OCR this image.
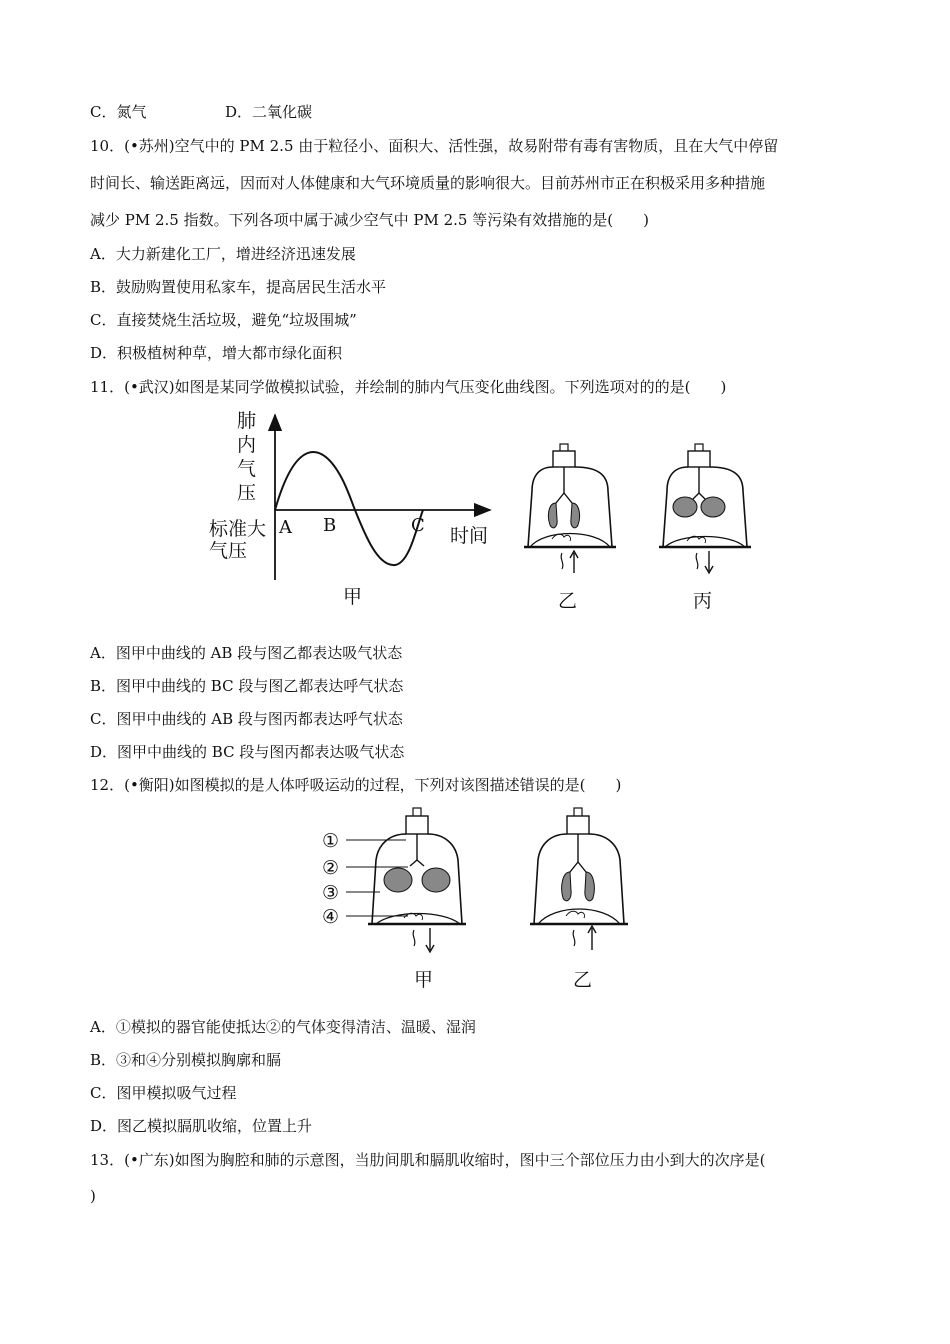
C．氮气	D．二氧化碳
10．(•苏州)空气中的 PM 2.5 由于粒径小、面积大、活性强，故易附带有毒有害物质，且在大气中停留
时间长、输送距离远，因而对人体健康和大气环境质量的影响很大。目前苏州市正在积极采用多种措施
减少 PM 2.5 指数。下列各项中属于减少空气中 PM 2.5 等污染有效措施的是(　　)
A．大力新建化工厂，增进经济迅速发展
B．鼓励购置使用私家车，提高居民生活水平
C．直接焚烧生活垃圾，避免“垃圾围城”
D．积极植树种草，增大都市绿化面积
11．(•武汉)如图是某同学做模拟试验，并绘制的肺内气压变化曲线图。下列选项对的的是(　　)
肺
内
气
压
标准大
气压
A B	C 时间
甲	乙	丙
A．图甲中曲线的 AB 段与图乙都表达吸气状态
B．图甲中曲线的 BC 段与图乙都表达呼气状态
C．图甲中曲线的 AB 段与图丙都表达呼气状态
D．图甲中曲线的 BC 段与图丙都表达吸气状态
12．(•衡阳)如图模拟的是人体呼吸运动的过程，下列对该图描述错误的是(　　)
①
②
③
④
甲	乙
A．①模拟的器官能使抵达②的气体变得清洁、温暖、湿润
B．③和④分别模拟胸廓和膈
C．图甲模拟吸气过程
D．图乙模拟膈肌收缩，位置上升
13．(•广东)如图为胸腔和肺的示意图，当肋间肌和膈肌收缩时，图中三个部位压力由小到大的次序是(
)
